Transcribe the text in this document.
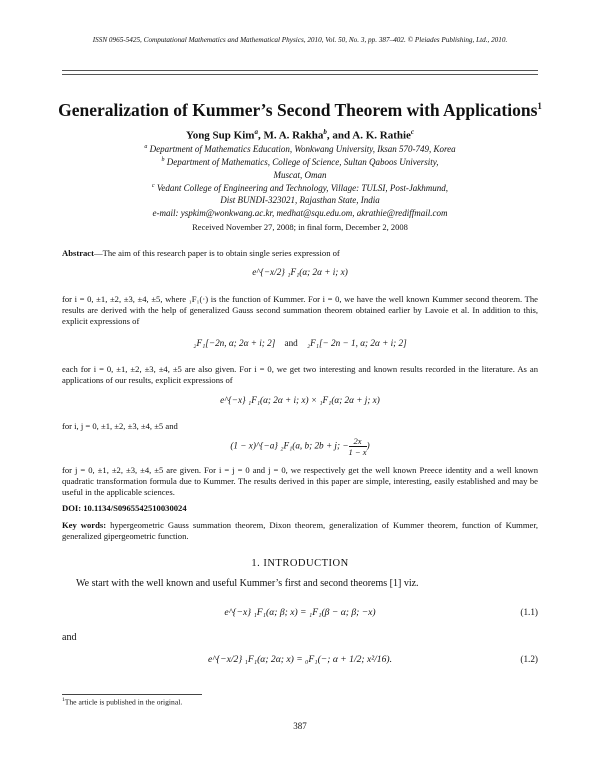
ISSN 0965-5425, Computational Mathematics and Mathematical Physics, 2010, Vol. 50, No. 3, pp. 387–402. © Pleiades Publishing, Ltd., 2010.
Generalization of Kummer’s Second Theorem with Applications$^1$
Yong Sup Kim$^a$, M. A. Rakha$^b$, and A. K. Rathie$^c$
$^a$ Department of Mathematics Education, Wonkwang University, Iksan 570-749, Korea
$^b$ Department of Mathematics, College of Science, Sultan Qaboos University,
Muscat, Oman
$^c$ Vedant College of Engineering and Technology, Village: TULSI, Post-Jakhmund,
Dist BUNDI-323021, Rajasthan State, India
e-mail: yspkim@wonkwang.ac.kr, medhat@squ.edu.om, akrathie@rediffmail.com
Received November 27, 2008; in final form, December 2, 2008
Abstract—The aim of this research paper is to obtain single series expression of
e^{−x/2} ₁F₁(α; 2α + i; x)
for i = 0, ±1, ±2, ±3, ±4, ±5, where ₁F₁(·) is the function of Kummer. For i = 0, we have the well known Kummer second theorem. The results are derived with the help of generalized Gauss second summation theorem obtained earlier by Lavoie et al. In addition to this, explicit expressions of
₂F₁[−2n, α; 2α + i; 2] and ₂F₁[− 2n − 1, α; 2α + i; 2]
each for i = 0, ±1, ±2, ±3, ±4, ±5 are also given. For i = 0, we get two interesting and known results recorded in the literature. As an applications of our results, explicit expressions of
e^{−x} ₁F₁(α; 2α + i; x) × ₁F₁(α; 2α + j; x)
for i, j = 0, ±1, ±2, ±3, ±4, ±5 and
(1 − x)^{−a} ₂F₁(a, b; 2b + j; − $\frac{2x}{1 - x}$ )
for j = 0, ±1, ±2, ±3, ±4, ±5 are given. For i = j = 0 and j = 0, we respectively get the well known Preece identity and a well known quadratic transformation formula due to Kummer. The results derived in this paper are simple, interesting, easily established and may be useful in the applicable sciences.
DOI: 10.1134/S0965542510030024
Key words: hypergeometric Gauss summation theorem, Dixon theorem, generalization of Kummer theorem, function of Kummer, generalized gipergeometric function.
1. INTRODUCTION
We start with the well known and useful Kummer’s first and second theorems [1] viz.
e^{−x} ₁F₁(α; β; x) = ₁F₁(β − α; β; −x)	(1.1)
and
e^{−x/2} ₁F₁(α; 2α; x) = ₀F₁(−; α + 1/2; x²/16).	(1.2)
$^1$The article is published in the original.
387
